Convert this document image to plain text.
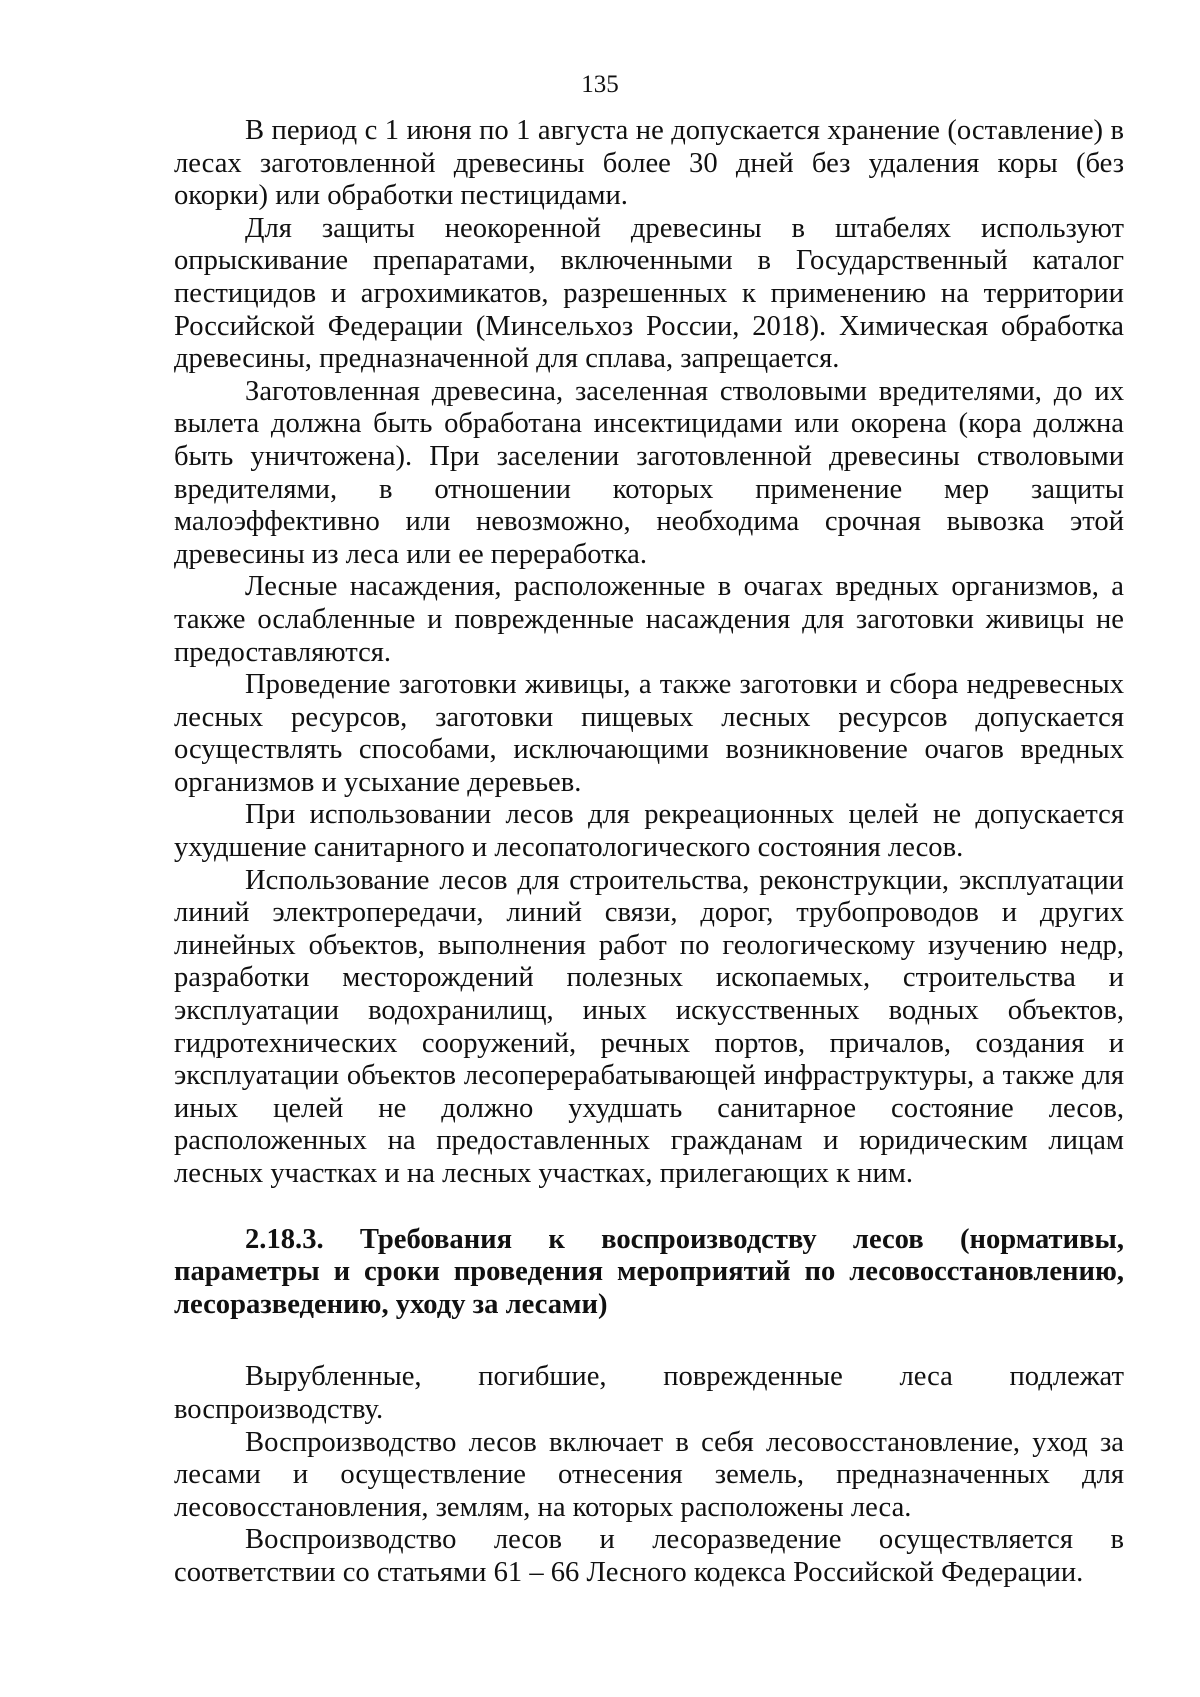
135

В период с 1 июня по 1 августа не допускается хранение (оставление) в лесах заготовленной древесины более 30 дней без удаления коры (без окорки) или обработки пестицидами.

Для защиты неокоренной древесины в штабелях используют опрыскивание препаратами, включенными в Государственный каталог пестицидов и агрохимикатов, разрешенных к применению на территории Российской Федерации (Минсельхоз России, 2018). Химическая обработка древесины, предназначенной для сплава, запрещается.

Заготовленная древесина, заселенная стволовыми вредителями, до их вылета должна быть обработана инсектицидами или окорена (кора должна быть уничтожена). При заселении заготовленной древесины стволовыми вредителями, в отношении которых применение мер защиты малоэффективно или невозможно, необходима срочная вывозка этой древесины из леса или ее переработка.

Лесные насаждения, расположенные в очагах вредных организмов, а также ослабленные и поврежденные насаждения для заготовки живицы не предоставляются.

Проведение заготовки живицы, а также заготовки и сбора недревесных лесных ресурсов, заготовки пищевых лесных ресурсов допускается осуществлять способами, исключающими возникновение очагов вредных организмов и усыхание деревьев.

При использовании лесов для рекреационных целей не допускается ухудшение санитарного и лесопатологического состояния лесов.

Использование лесов для строительства, реконструкции, эксплуатации линий электропередачи, линий связи, дорог, трубопроводов и других линейных объектов, выполнения работ по геологическому изучению недр, разработки месторождений полезных ископаемых, строительства и эксплуатации водохранилищ, иных искусственных водных объектов, гидротехнических сооружений, речных портов, причалов, создания и эксплуатации объектов лесоперерабатывающей инфраструктуры, а также для иных целей не должно ухудшать санитарное состояние лесов, расположенных на предоставленных гражданам и юридическим лицам лесных участках и на лесных участках, прилегающих к ним.

2.18.3. Требования к воспроизводству лесов (нормативы, параметры и сроки проведения мероприятий по лесовосстановлению, лесоразведению, уходу за лесами)

Вырубленные, погибшие, поврежденные леса подлежат воспроизводству.

Воспроизводство лесов включает в себя лесовосстановление, уход за лесами и осуществление отнесения земель, предназначенных для лесовосстановления, землям, на которых расположены леса.

Воспроизводство лесов и лесоразведение осуществляется в соответствии со статьями 61 – 66 Лесного кодекса Российской Федерации.
